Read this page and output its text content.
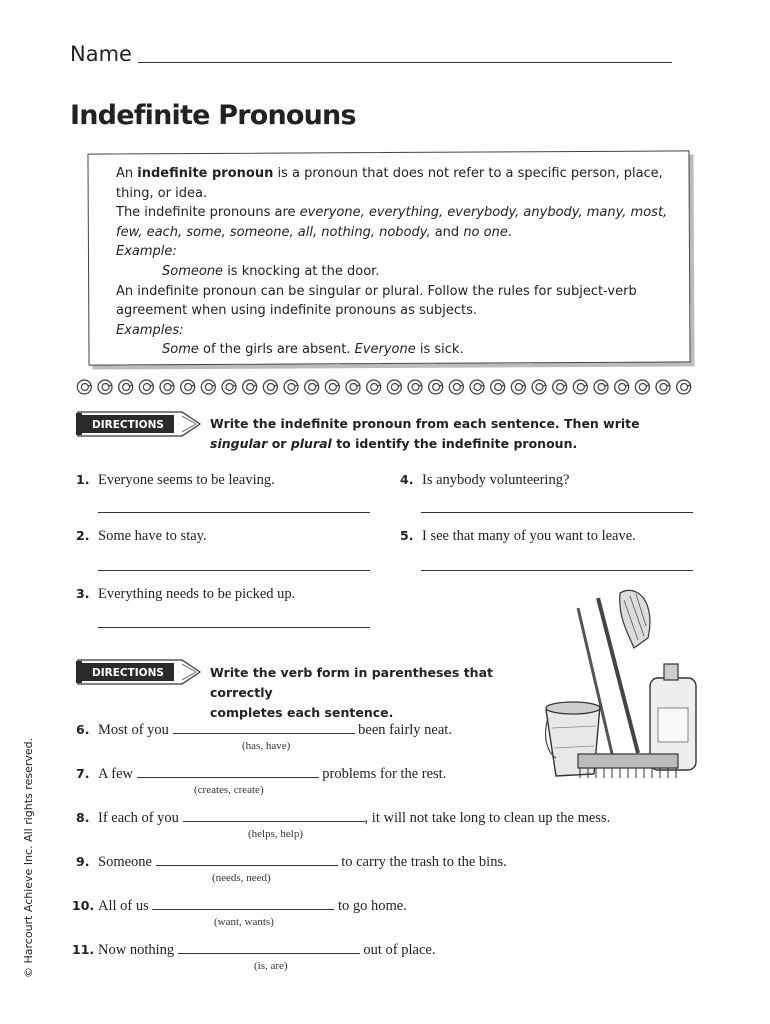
Name
Indefinite Pronouns

An indefinite pronoun is a pronoun that does not refer to a specific person, place, thing, or idea.

The indefinite pronouns are everyone, everything, everybody, anybody, many, most, few, each, some, someone, all, nothing, nobody, and no one.

Example:

Someone is knocking at the door.

An indefinite pronoun can be singular or plural. Follow the rules for subject-verb agreement when using indefinite pronouns as subjects.

Examples:

Some of the girls are absent. Everyone is sick.

DIRECTIONS	Write the indefinite pronoun from each sentence. Then write singular or plural to identify the indefinite pronoun.
1. Everyone seems to be leaving.
2. Some have to stay.
3. Everything needs to be picked up.
4. Is anybody volunteering?
5. I see that many of you want to leave.
DIRECTIONS	Write the verb form in parentheses that correctly
completes each sentence.
6. Most of you	been fairly neat.
(has, have)
7. A few	problems for the rest.
(creates, create)
8. If each of you	, it will not take long to clean up the mess.
(helps, help)
9. Someone	to carry the trash to the bins.
(needs, need)
10. All of us	to go home.
(want, wants)
11. Now nothing	out of place.
(is, are)
© Harcourt Achieve Inc. All rights reserved.
